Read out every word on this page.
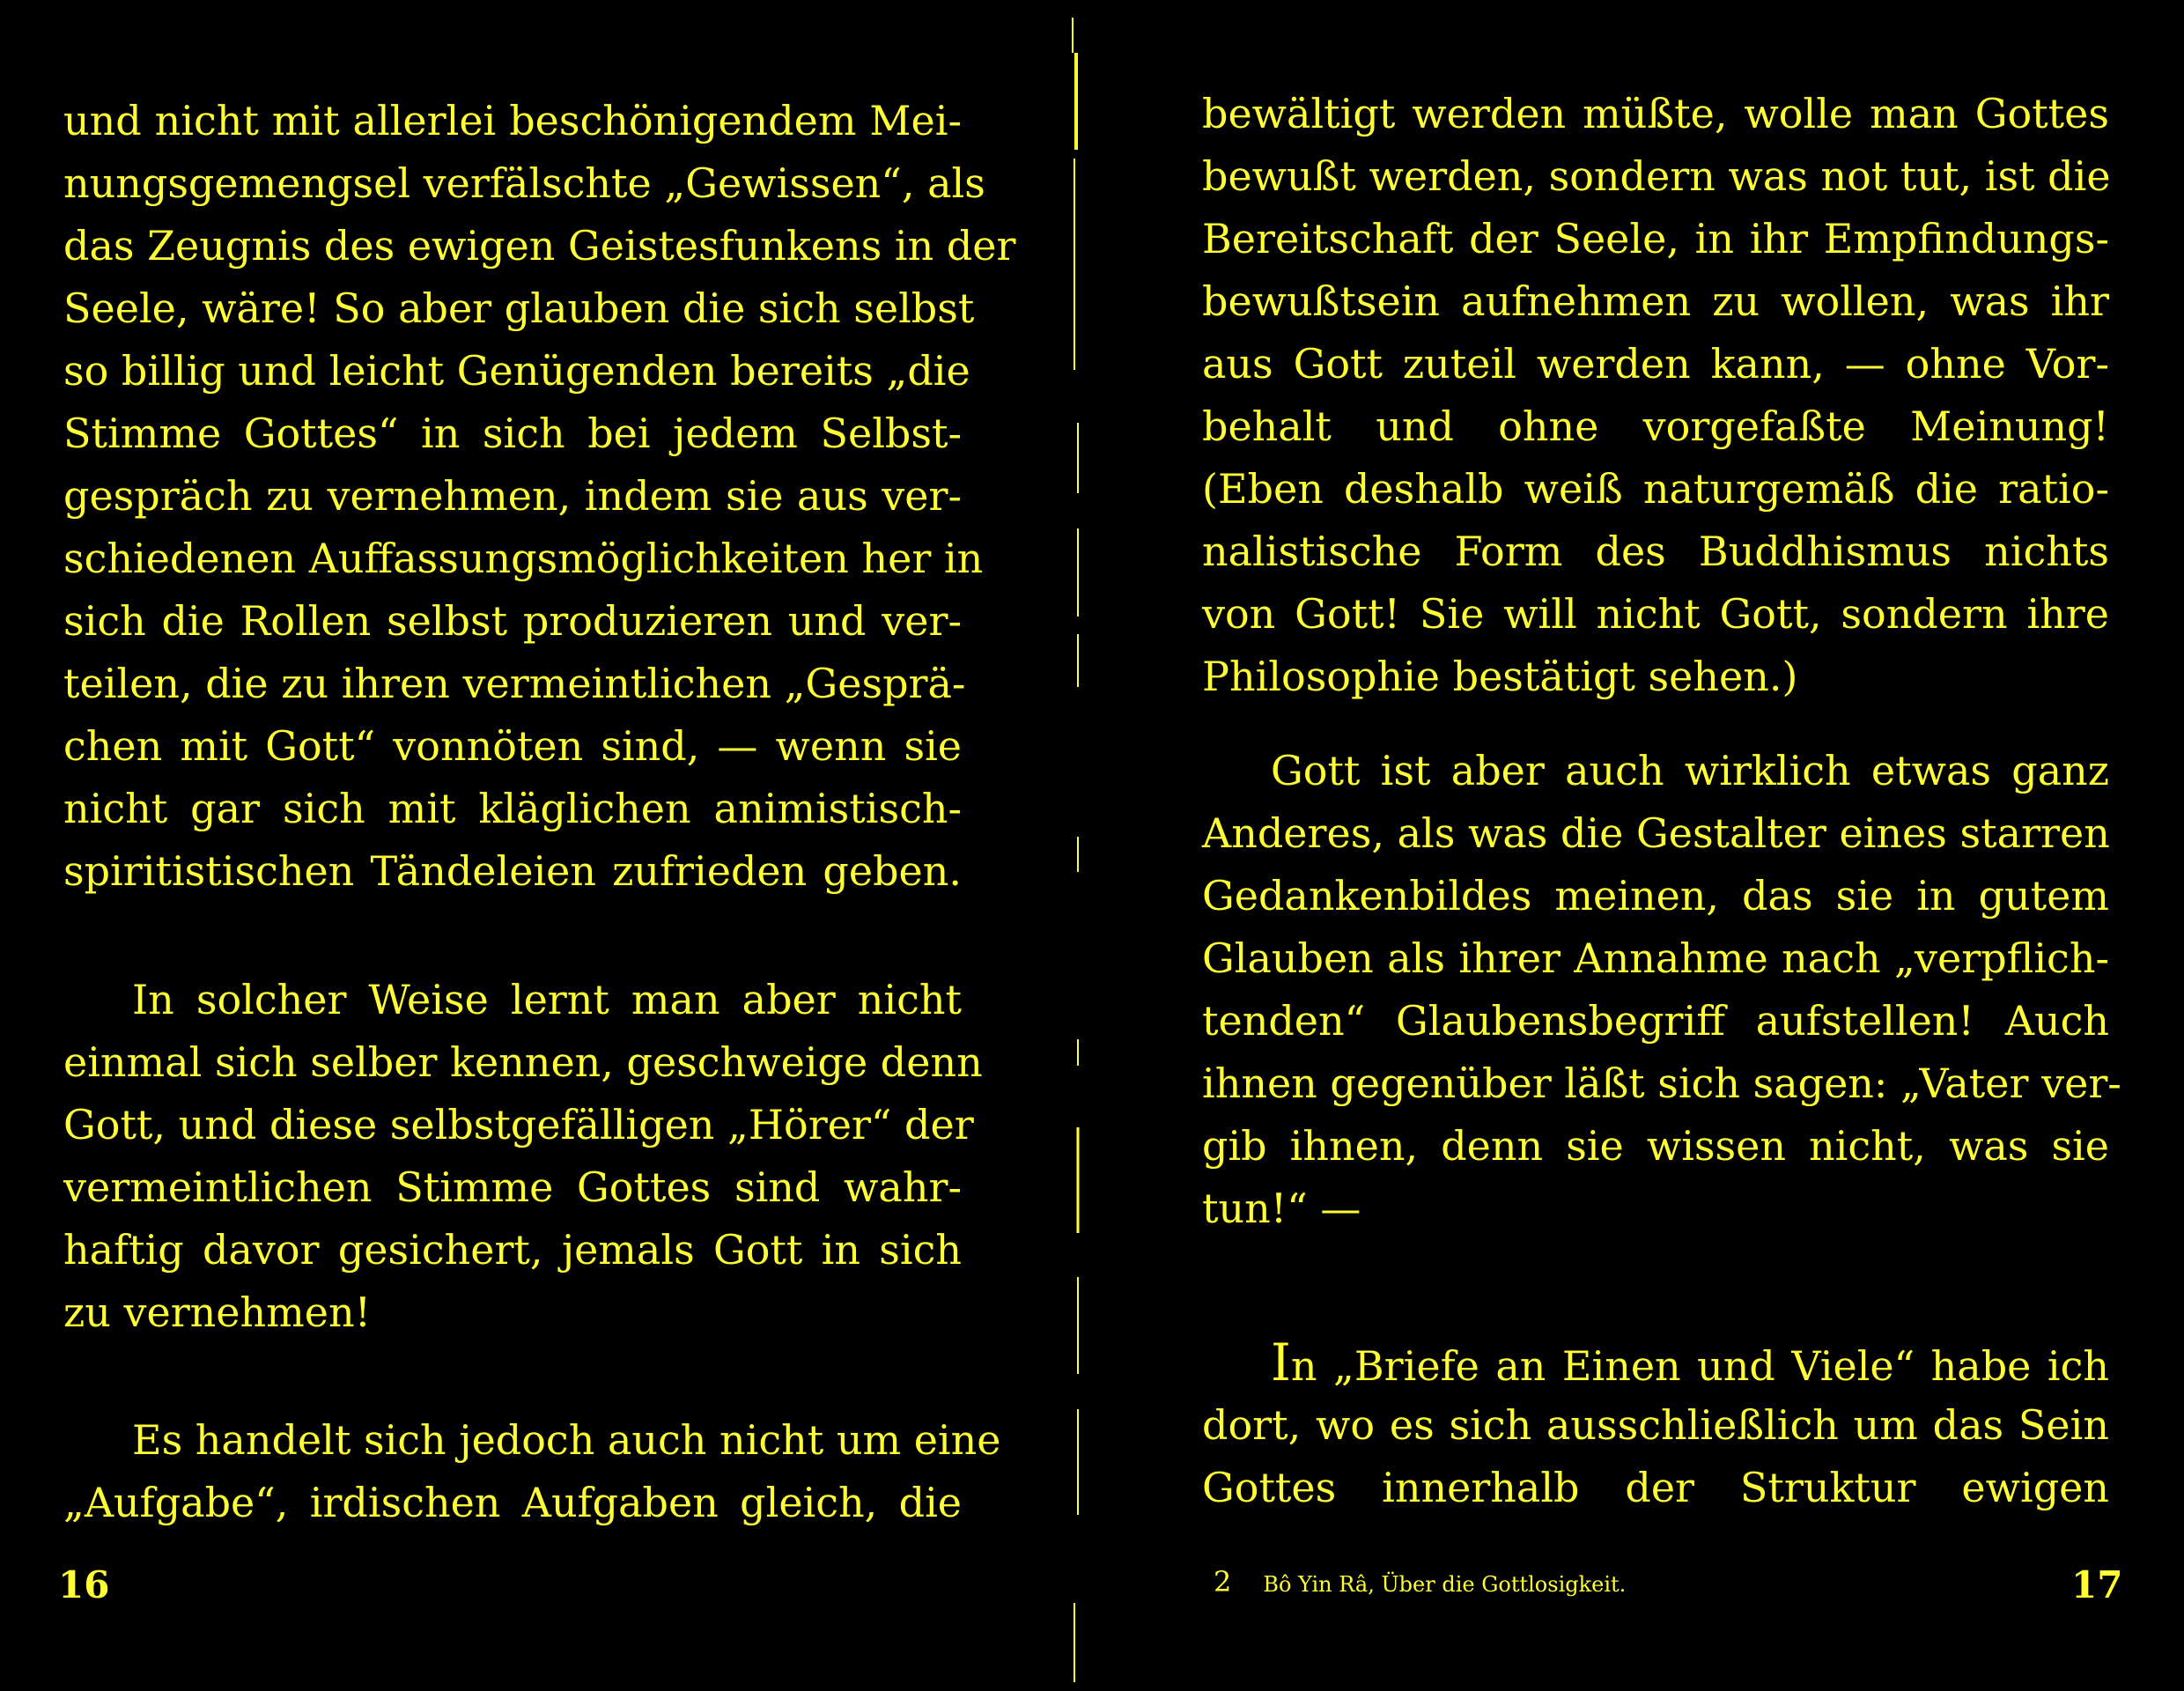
und nicht mit allerlei beschönigendem Mei-
nungsgemengsel verfälschte „Gewissen“, als
das Zeugnis des ewigen Geistesfunkens in der
Seele, wäre! So aber glauben die sich selbst
so billig und leicht Genügenden bereits „die
Stimme Gottes“ in sich bei jedem Selbst-
gespräch zu vernehmen, indem sie aus ver-
schiedenen Auffassungsmöglichkeiten her in
sich die Rollen selbst produzieren und ver-
teilen, die zu ihren vermeintlichen „Gesprä-
chen mit Gott“ vonnöten sind, — wenn sie
nicht gar sich mit kläglichen animistisch-
spiritistischen Tändeleien zufrieden geben.
In solcher Weise lernt man aber nicht
einmal sich selber kennen, geschweige denn
Gott, und diese selbstgefälligen „Hörer“ der
vermeintlichen Stimme Gottes sind wahr-
haftig davor gesichert, jemals Gott in sich
zu vernehmen!
Es handelt sich jedoch auch nicht um eine
„Aufgabe“, irdischen Aufgaben gleich, die
16
bewältigt werden müßte, wolle man Gottes
bewußt werden, sondern was not tut, ist die
Bereitschaft der Seele, in ihr Empfindungs-
bewußtsein aufnehmen zu wollen, was ihr
aus Gott zuteil werden kann, — ohne Vor-
behalt und ohne vorgefaßte Meinung!
(Eben deshalb weiß naturgemäß die ratio-
nalistische Form des Buddhismus nichts
von Gott! Sie will nicht Gott, sondern ihre
Philosophie bestätigt sehen.)
Gott ist aber auch wirklich etwas ganz
Anderes, als was die Gestalter eines starren
Gedankenbildes meinen, das sie in gutem
Glauben als ihrer Annahme nach „verpflich-
tenden“ Glaubensbegriff aufstellen! Auch
ihnen gegenüber läßt sich sagen: „Vater ver-
gib ihnen, denn sie wissen nicht, was sie
tun!“ —
In „Briefe an Einen und Viele“ habe ich
dort, wo es sich ausschließlich um das Sein
Gottes innerhalb der Struktur ewigen
17
2 Bô Yin Râ, Über die Gottlosigkeit.
